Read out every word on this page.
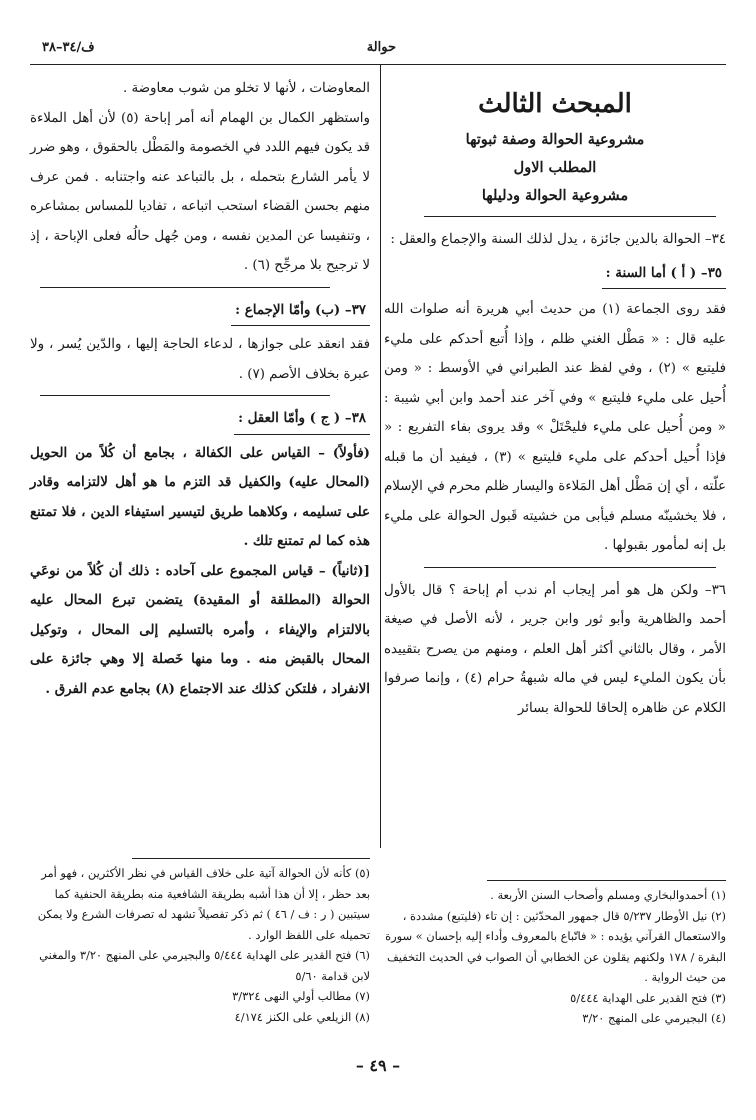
حوالة
ف/٣٤–٣٨

المبحث الثالث

مشروعية الحوالة وصفة ثبوتها

المطلب الاول

مشروعية الحوالة ودليلها

٣٤– الحوالة بالدين جائزة ، يدل لذلك السنة والإجماع والعقل :

٣٥– ( أ ) أما السنة :

فقد روى الجماعة (١) من حديث أبي هريرة أنه صلوات الله عليه قال : « مَطْل الغني ظلم ، وإذا أُتبع أحدكم على مليء فليتبع » (٢) ، وفي لفظ عند الطبراني في الأوسط : « ومن أُحيل على مليء فليتبع » وفي آخر عند أحمد وابن أبي شيبة : « ومن أُحيل على مليء فليحْتَلْ » وقد يروى بفاء التفريع : « فإذا أُحيل أحدكم على مليء فليتبع » (٣) ، فيفيد أن ما قبله علّته ، أي إن مَطْل أهل المَلاءة واليسار ظلم محرم في الإسلام ، فلا يخشينّه مسلم فيأبى من خشيته قَبول الحوالة على مليء بل إنه لمأمور بقبولها .

٣٦– ولكن هل هو أمر إيجاب أم ندب أم إباحة ؟ قال بالأول أحمد والظاهرية وأبو ثور وابن جرير ، لأنه الأصل في صيغة الأمر ، وقال بالثاني أكثر أهل العلم ، ومنهم من يصرح بتقييده بأن يكون المليء ليس في ماله شبهةُ حرام (٤) ، وإنما صرفوا الكلام عن ظاهره إلحاقا للحوالة بسائر

المعاوضات ، لأنها لا تخلو من شوب معاوضة .

واستظهر الكمال بن الهمام أنه أمر إباحة (٥) لأن أهل الملاءة قد يكون فيهم اللدد في الخصومة والمَطْل بالحقوق ، وهو ضرر لا يأمر الشارع بتحمله ، بل بالتباعد عنه واجتنابه . فمن عرف منهم بحسن القضاء استحب اتباعه ، تفاديا للمساس بمشاعره ، وتنفيسا عن المدين نفسه ، ومن جُهل حالُه فعلى الإباحة ، إذ لا ترجيح بلا مرجِّح (٦) .

٣٧– (ب) وأمّا الإجماع :

فقد انعقد على جوازها ، لدعاء الحاجة إليها ، والدّين يُسر ، ولا عبرة بخلاف الأصم (٧) .

٣٨– ( ج ) وأمّا العقل :

(فأولاً) – القياس على الكفالة ، بجامع أن كُلاً من الحويل (المحال عليه) والكفيل قد التزم ما هو أهل لالتزامه وقادر على تسليمه ، وكلاهما طريق لتيسير استيفاء الدين ، فلا تمتنع هذه كما لم تمتنع تلك .

[(ثانياً) – قياس المجموع على آحاده : ذلك أن كُلاً من نوعَي الحوالة (المطلقة أو المقيدة) يتضمن تبرع المحال عليه بالالتزام والإيفاء ، وأمره بالتسليم إلى المحال ، وتوكيل المحال بالقبض منه . وما منها خَصلة إلا وهي جائزة على الانفراد ، فلتكن كذلك عند الاجتماع (٨) بجامع عدم الفرق .

(٥) كأنه لأن الحوالة آتية على خلاف القياس في نظر الأكثرين ، فهو أمر بعد حظر ، إلا أن هذا أشبه بطريقة الشافعية منه بطريقة الحنفية كما سيتبين ( ر : ف / ٤٦ ) ثم ذكر تفصيلاً تشهد له تصرفات الشرع ولا يمكن تحميله على اللفظ الوارد .

(٦) فتح القدير على الهداية ٥/٤٤٤ والبجيرمي على المنهج ٣/٢٠ والمغني لابن قدامة ٥/٦٠

(٧) مطالب أولي النهى ٣/٣٢٤

(٨) الزيلعي على الكنز ٤/١٧٤

(١) أحمدوالبخاري ومسلم وأصحاب السنن الأربعة .

(٢) نيل الأوطار ٥/٢٣٧ قال جمهور المحدّثين : إن تاء (فليتبع) مشددة ، والاستعمال القرآني يؤيده : « فاتّباع بالمعروف وأداء إليه بإحسان » سورة البقرة / ١٧٨ ولكنهم يقلون عن الخطابي أن الصواب في الحديث التخفيف من حيث الرواية .

(٣) فتح القدير على الهداية ٥/٤٤٤

(٤) البجيرمي على المنهج ٣/٢٠

– ٤٩ –
